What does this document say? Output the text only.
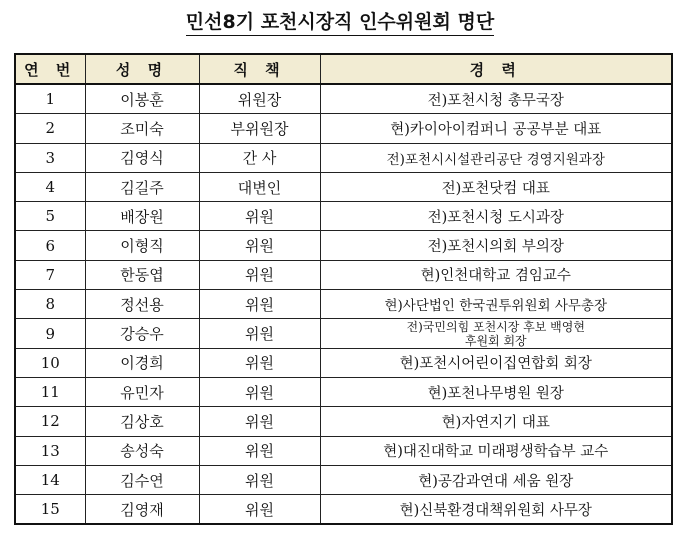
민선8기 포천시장직 인수위원회 명단
연 번	성 명	직 책	경 력
1	이봉훈	위원장	전)포천시청 총무국장
2	조미숙	부위원장	현)카이아이컴퍼니 공공부분 대표
3	김영식	간 사	전)포천시시설관리공단 경영지원과장
4	김길주	대변인	전)포천닷컴 대표
5	배장원	위원	전)포천시청 도시과장
6	이형직	위원	전)포천시의회 부의장
7	한동엽	위원	현)인천대학교 겸임교수
8	정선용	위원	현)사단법인 한국권투위원회 사무총장
9	강승우	위원	전)국민의힘 포천시장 후보 백영현
후원회 회장

10	이경희	위원	현)포천시어린이집연합회 회장
11	유민자	위원	현)포천나무병원 원장
12	김상호	위원	현)자연지기 대표
13	송성숙	위원	현)대진대학교 미래평생학습부 교수
14	김수연	위원	현)공감과연대 세움 원장
15	김영재	위원	현)신북환경대책위원회 사무장
